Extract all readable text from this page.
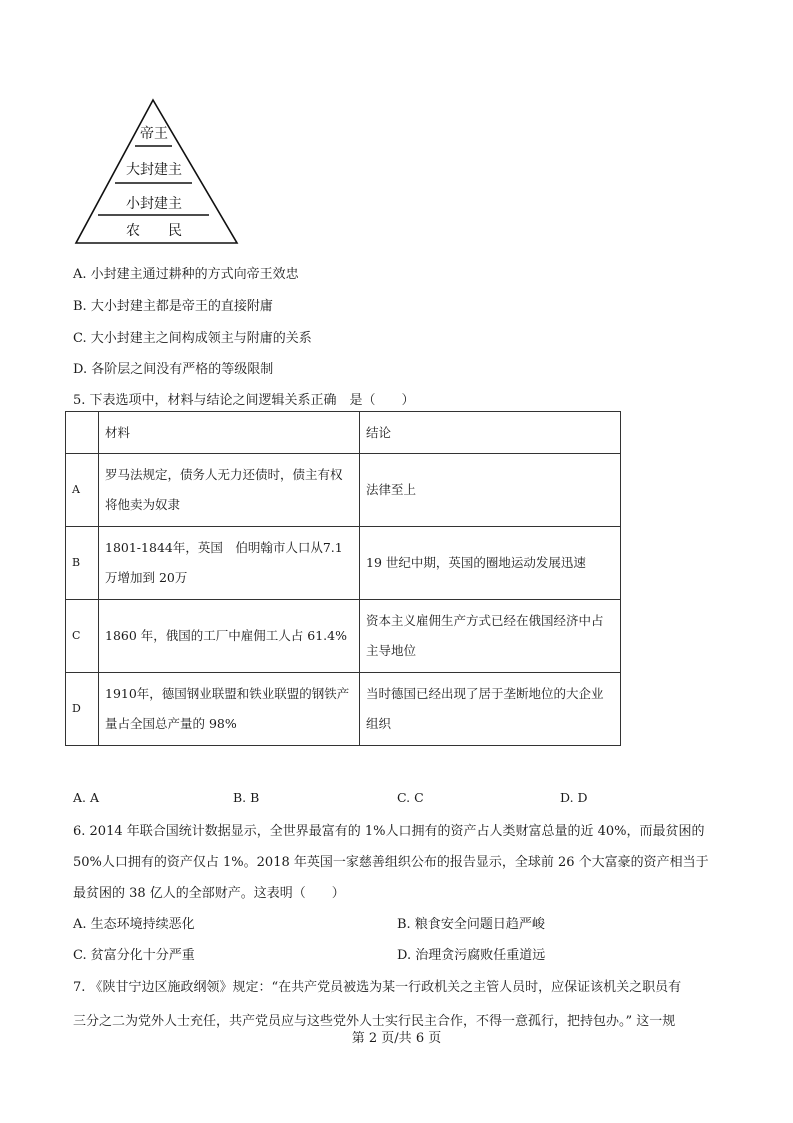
帝王
大封建主
小封建主
农　　民
A. 小封建主通过耕种的方式向帝王效忠
B. 大小封建主都是帝王的直接附庸
C. 大小封建主之间构成领主与附庸的关系
D. 各阶层之间没有严格的等级限制
5. 下表选项中，材料与结论之间逻辑关系正确　是（　　）
	材料	结论
A	罗马法规定，债务人无力还债时，债主有权将他卖为奴隶	法律至上
B	1801-1844年，英国　伯明翰市人口从7.1万增加到 20万	19 世纪中期，英国的圈地运动发展迅速
C	1860 年，俄国的工厂中雇佣工人占 61.4%	资本主义雇佣生产方式已经在俄国经济中占主导地位
D	1910年，德国钢业联盟和铁业联盟的钢铁产量占全国总产量的 98%	当时德国已经出现了居于垄断地位的大企业组织
A. A	B. B	C. C	D. D
6. 2014 年联合国统计数据显示，全世界最富有的 1%人口拥有的资产占人类财富总量的近 40%，而最贫困的
50%人口拥有的资产仅占 1%。2018 年英国一家慈善组织公布的报告显示，全球前 26 个大富豪的资产相当于
最贫困的 38 亿人的全部财产。这表明（　　）
A. 生态环境持续恶化	B. 粮食安全问题日趋严峻
C. 贫富分化十分严重	D. 治理贪污腐败任重道远
7. 《陕甘宁边区施政纲领》规定：“在共产党员被选为某一行政机关之主管人员时，应保证该机关之职员有
三分之二为党外人士充任，共产党员应与这些党外人士实行民主合作，不得一意孤行，把持包办。” 这一规
第 2 页/共 6 页
